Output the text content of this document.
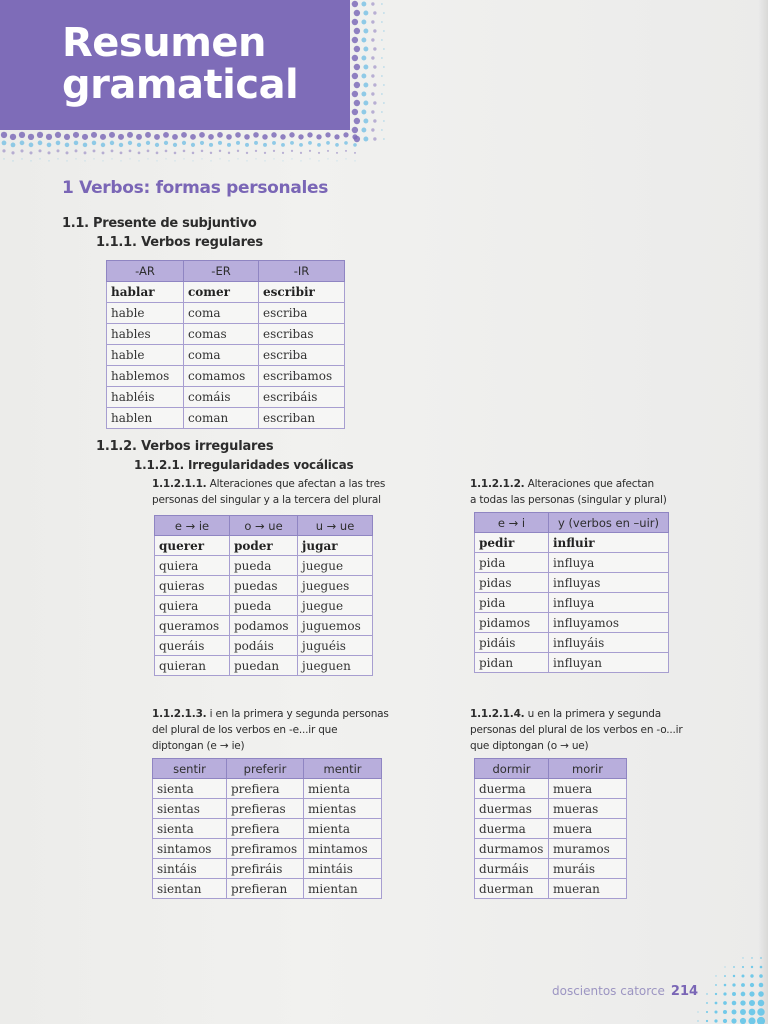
Resumen
gramatical
1 Verbos: formas personales
1.1. Presente de subjuntivo
1.1.1. Verbos regulares
-AR	-ER	-IR
hablar	comer	escribir
hable	coma	escriba
hables	comas	escribas
hable	coma	escriba
hablemos	comamos	escribamos
habléis	comáis	escribáis
hablen	coman	escriban
1.1.2. Verbos irregulares
1.1.2.1. Irregularidades vocálicas

1.1.2.1.1. Alteraciones que afectan a las tres
personas del singular y a la tercera del plural

e → ie	o → ue	u → ue
querer	poder	jugar
quiera	pueda	juegue
quieras	puedas	juegues
quiera	pueda	juegue
queramos	podamos	juguemos
queráis	podáis	juguéis
quieran	puedan	jueguen

1.1.2.1.2. Alteraciones que afectan
a todas las personas (singular y plural)

e → i	y (verbos en –uir)
pedir	influir
pida	influya
pidas	influyas
pida	influya
pidamos	influyamos
pidáis	influyáis
pidan	influyan

1.1.2.1.3. i en la primera y segunda personas
del plural de los verbos en -e...ir que
diptongan (e → ie)

sentir	preferir	mentir
sienta	prefiera	mienta
sientas	prefieras	mientas
sienta	prefiera	mienta
sintamos	prefiramos	mintamos
sintáis	prefiráis	mintáis
sientan	prefieran	mientan

1.1.2.1.4. u en la primera y segunda
personas del plural de los verbos en -o...ir
que diptongan (o → ue)

dormir	morir
duerma	muera
duermas	mueras
duerma	muera
durmamos	muramos
durmáis	muráis
duerman	mueran

doscientos catorce 214
